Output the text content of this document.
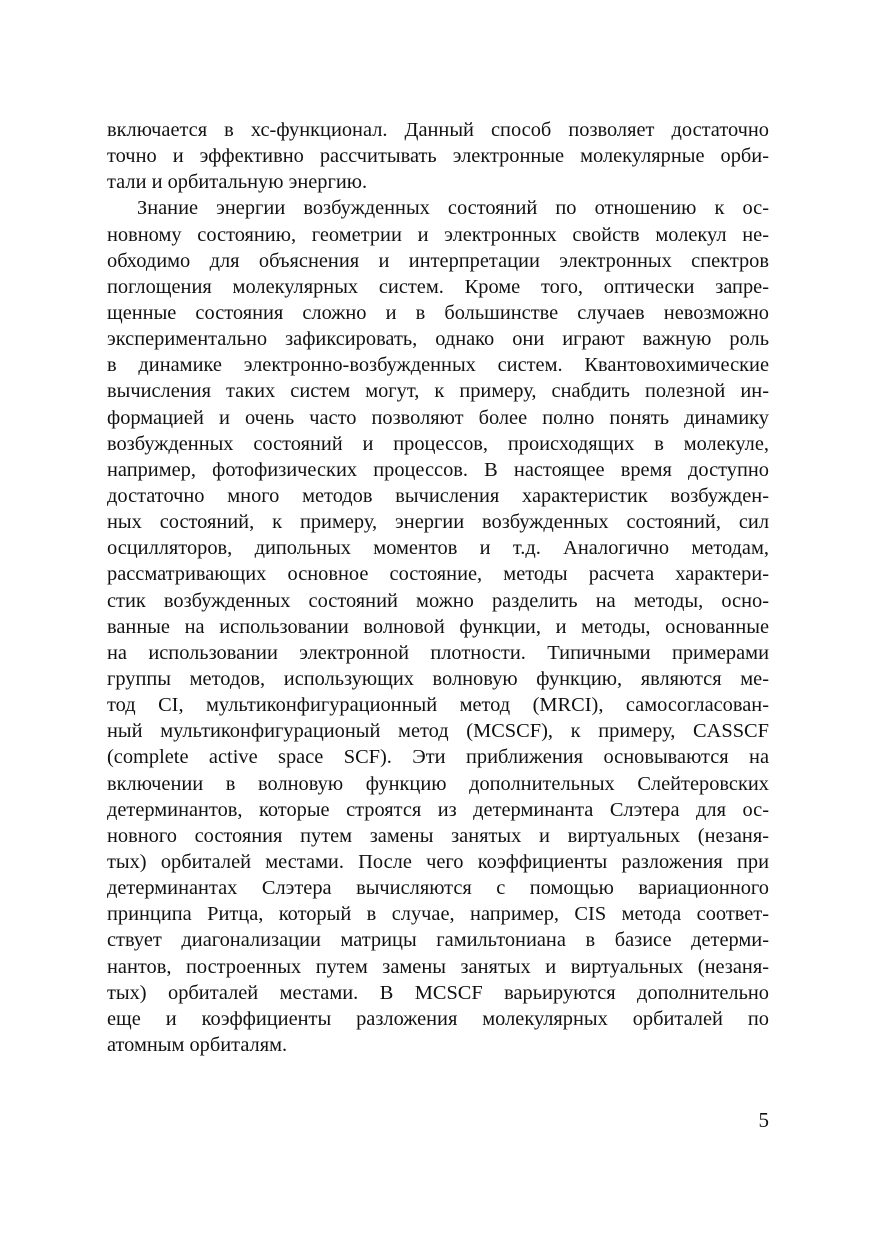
включается в хс-функционал. Данный способ позволяет достаточно
точно и эффективно рассчитывать электронные молекулярные орби-
тали и орбитальную энергию.
Знание энергии возбужденных состояний по отношению к ос-
новному состоянию, геометрии и электронных свойств молекул не-
обходимо для объяснения и интерпретации электронных спектров
поглощения молекулярных систем. Кроме того, оптически запре-
щенные состояния сложно и в большинстве случаев невозможно
экспериментально зафиксировать, однако они играют важную роль
в динамике электронно-возбужденных систем. Квантовохимические
вычисления таких систем могут, к примеру, снабдить полезной ин-
формацией и очень часто позволяют более полно понять динамику
возбужденных состояний и процессов, происходящих в молекуле,
например, фотофизических процессов. В настоящее время доступно
достаточно много методов вычисления характеристик возбужден-
ных состояний, к примеру, энергии возбужденных состояний, сил
осцилляторов, дипольных моментов и т.д. Аналогично методам,
рассматривающих основное состояние, методы расчета характери-
стик возбужденных состояний можно разделить на методы, осно-
ванные на использовании волновой функции, и методы, основанные
на использовании электронной плотности. Типичными примерами
группы методов, использующих волновую функцию, являются ме-
тод CI, мультиконфигурационный метод (MRCI), самосогласован-
ный мультиконфигурационый метод (MCSCF), к примеру, CASSCF
(complete active space SCF). Эти приближения основываются на
включении в волновую функцию дополнительных Слейтеровских
детерминантов, которые строятся из детерминанта Слэтера для ос-
новного состояния путем замены занятых и виртуальных (незаня-
тых) орбиталей местами. После чего коэффициенты разложения при
детерминантах Слэтера вычисляются с помощью вариационного
принципа Ритца, который в случае, например, CIS метода соответ-
ствует диагонализации матрицы гамильтониана в базисе детерми-
нантов, построенных путем замены занятых и виртуальных (незаня-
тых) орбиталей местами. В MCSCF варьируются дополнительно
еще и коэффициенты разложения молекулярных орбиталей по
атомным орбиталям.
5
